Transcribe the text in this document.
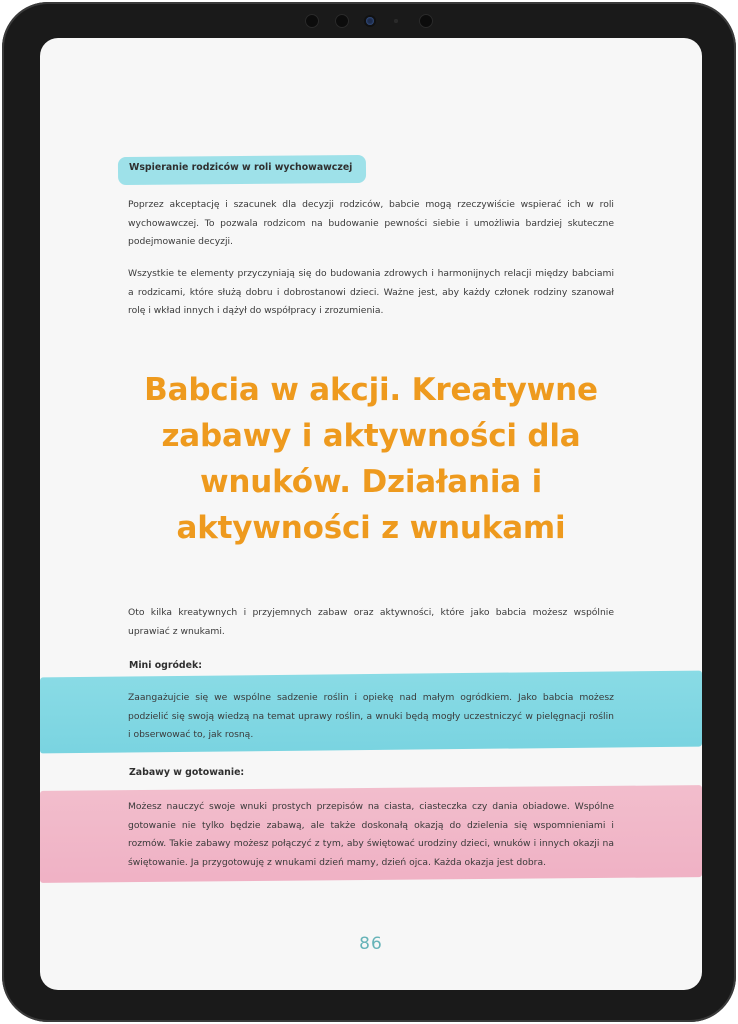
Wspieranie rodziców w roli wychowawczej

Poprzez akceptację i szacunek dla decyzji rodziców, babcie mogą rzeczywiście wspierać ich w roli wychowawczej. To pozwala rodzicom na budowanie pewności siebie i umożliwia bardziej skuteczne podejmowanie decyzji.

Wszystkie te elementy przyczyniają się do budowania zdrowych i harmonijnych relacji między babciami a rodzicami, które służą dobru i dobrostanowi dzieci. Ważne jest, aby każdy członek rodziny szanował rolę i wkład innych i dążył do współpracy i zrozumienia.

Babcia w akcji. Kreatywne zabawy i aktywności dla wnuków. Działania i aktywności z wnukami

Oto kilka kreatywnych i przyjemnych zabaw oraz aktywności, które jako babcia możesz wspólnie uprawiać z wnukami.

Mini ogródek:

Zaangażujcie się we wspólne sadzenie roślin i opiekę nad małym ogródkiem. Jako babcia możesz podzielić się swoją wiedzą na temat uprawy roślin, a wnuki będą mogły uczestniczyć w pielęgnacji roślin i obserwować to, jak rosną.

Zabawy w gotowanie:

Możesz nauczyć swoje wnuki prostych przepisów na ciasta, ciasteczka czy dania obiadowe. Wspólne gotowanie nie tylko będzie zabawą, ale także doskonałą okazją do dzielenia się wspomnieniami i rozmów. Takie zabawy możesz połączyć z tym, aby świętować urodziny dzieci, wnuków i innych okazji na świętowanie. Ja przygotowuję z wnukami dzień mamy, dzień ojca. Każda okazja jest dobra.

86
